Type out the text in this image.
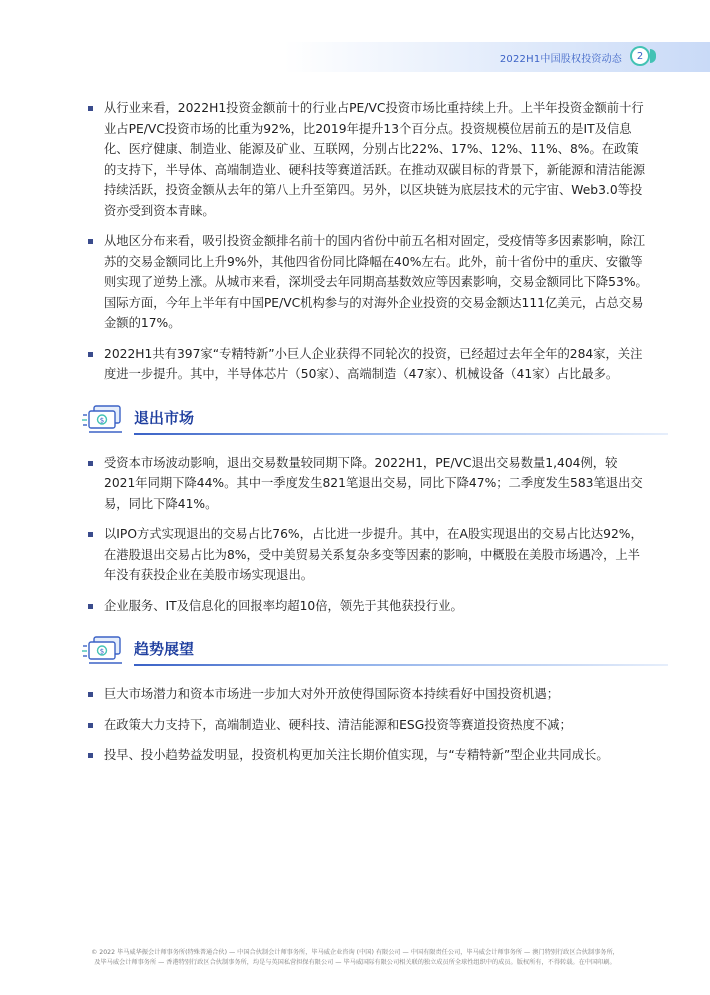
2022H1中国股权投资动态	2
从行业来看，2022H1投资金额前十的行业占PE/VC投资市场比重持续上升。上半年投资金额前十行业占PE/VC投资市场的比重为92%，比2019年提升13个百分点。投资规模位居前五的是IT及信息化、医疗健康、制造业、能源及矿业、互联网，分别占比22%、17%、12%、11%、8%。在政策的支持下，半导体、高端制造业、硬科技等赛道活跃。在推动双碳目标的背景下，新能源和清洁能源持续活跃，投资金额从去年的第八上升至第四。另外，以区块链为底层技术的元宇宙、Web3.0等投资亦受到资本青睐。
从地区分布来看，吸引投资金额排名前十的国内省份中前五名相对固定，受疫情等多因素影响，除江苏的交易金额同比上升9%外，其他四省份同比降幅在40%左右。此外，前十省份中的重庆、安徽等则实现了逆势上涨。从城市来看，深圳受去年同期高基数效应等因素影响，交易金额同比下降53%。国际方面，今年上半年有中国PE/VC机构参与的对海外企业投资的交易金额达111亿美元，占总交易金额的17%。
2022H1共有397家“专精特新”小巨人企业获得不同轮次的投资，已经超过去年全年的284家，关注度进一步提升。其中，半导体芯片（50家）、高端制造（47家）、机械设备（41家）占比最多。
$ 退出市场
受资本市场波动影响，退出交易数量较同期下降。2022H1，PE/VC退出交易数量1,404例，较2021年同期下降44%。其中一季度发生821笔退出交易，同比下降47%；二季度发生583笔退出交易，同比下降41%。
以IPO方式实现退出的交易占比76%，占比进一步提升。其中，在A股实现退出的交易占比达92%，在港股退出交易占比为8%，受中美贸易关系复杂多变等因素的影响，中概股在美股市场遇冷，上半年没有获投企业在美股市场实现退出。
企业服务、IT及信息化的回报率均超10倍，领先于其他获投行业。
$ 趋势展望
巨大市场潜力和资本市场进一步加大对外开放使得国际资本持续看好中国投资机遇；
在政策大力支持下，高端制造业、硬科技、清洁能源和ESG投资等赛道投资热度不减；
投早、投小趋势益发明显，投资机构更加关注长期价值实现，与“专精特新”型企业共同成长。
© 2022 毕马威华振会计师事务所(特殊普通合伙) — 中国合伙制会计师事务所，毕马威企业咨询 (中国) 有限公司 — 中国有限责任公司，毕马威会计师事务所 — 澳门特别行政区合伙制事务所，
及毕马威会计师事务所 — 香港特别行政区合伙制事务所，均是与英国私营担保有限公司 — 毕马威国际有限公司相关联的独立成员所全球性组织中的成员。版权所有，不得转载。在中国印刷。
